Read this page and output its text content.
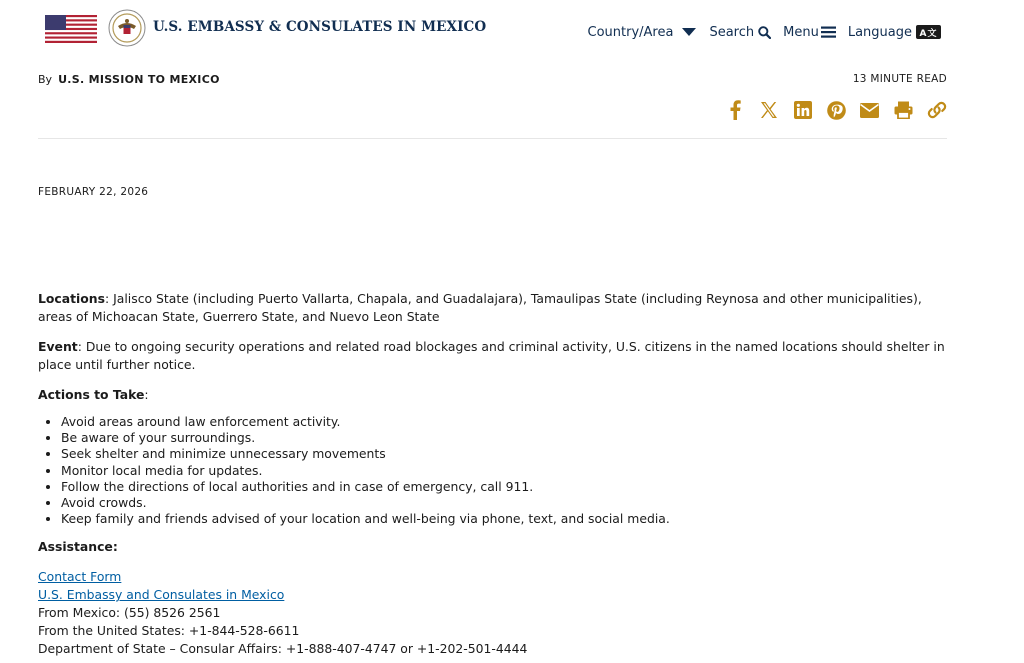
U.S. EMBASSY & CONSULATES IN MEXICO	Country/Area	Search Menu Language A文
By U.S. MISSION TO MEXICO	13 MINUTE READ
FEBRUARY 22, 2026

Locations: Jalisco State (including Puerto Vallarta, Chapala, and Guadalajara), Tamaulipas State (including Reynosa and other municipalities), areas of Michoacan State, Guerrero State, and Nuevo Leon State

Event: Due to ongoing security operations and related road blockages and criminal activity, U.S. citizens in the named locations should shelter in place until further notice.

Actions to Take:

• Avoid areas around law enforcement activity.
• Be aware of your surroundings.
• Seek shelter and minimize unnecessary movements
• Monitor local media for updates.
• Follow the directions of local authorities and in case of emergency, call 911.
• Avoid crowds.
• Keep family and friends advised of your location and well-being via phone, text, and social media.

Assistance:

Contact Form
U.S. Embassy and Consulates in Mexico
From Mexico: (55) 8526 2561
From the United States: +1-844-528-6611
Department of State – Consular Affairs: +1-888-407-4747 or +1-202-501-4444
